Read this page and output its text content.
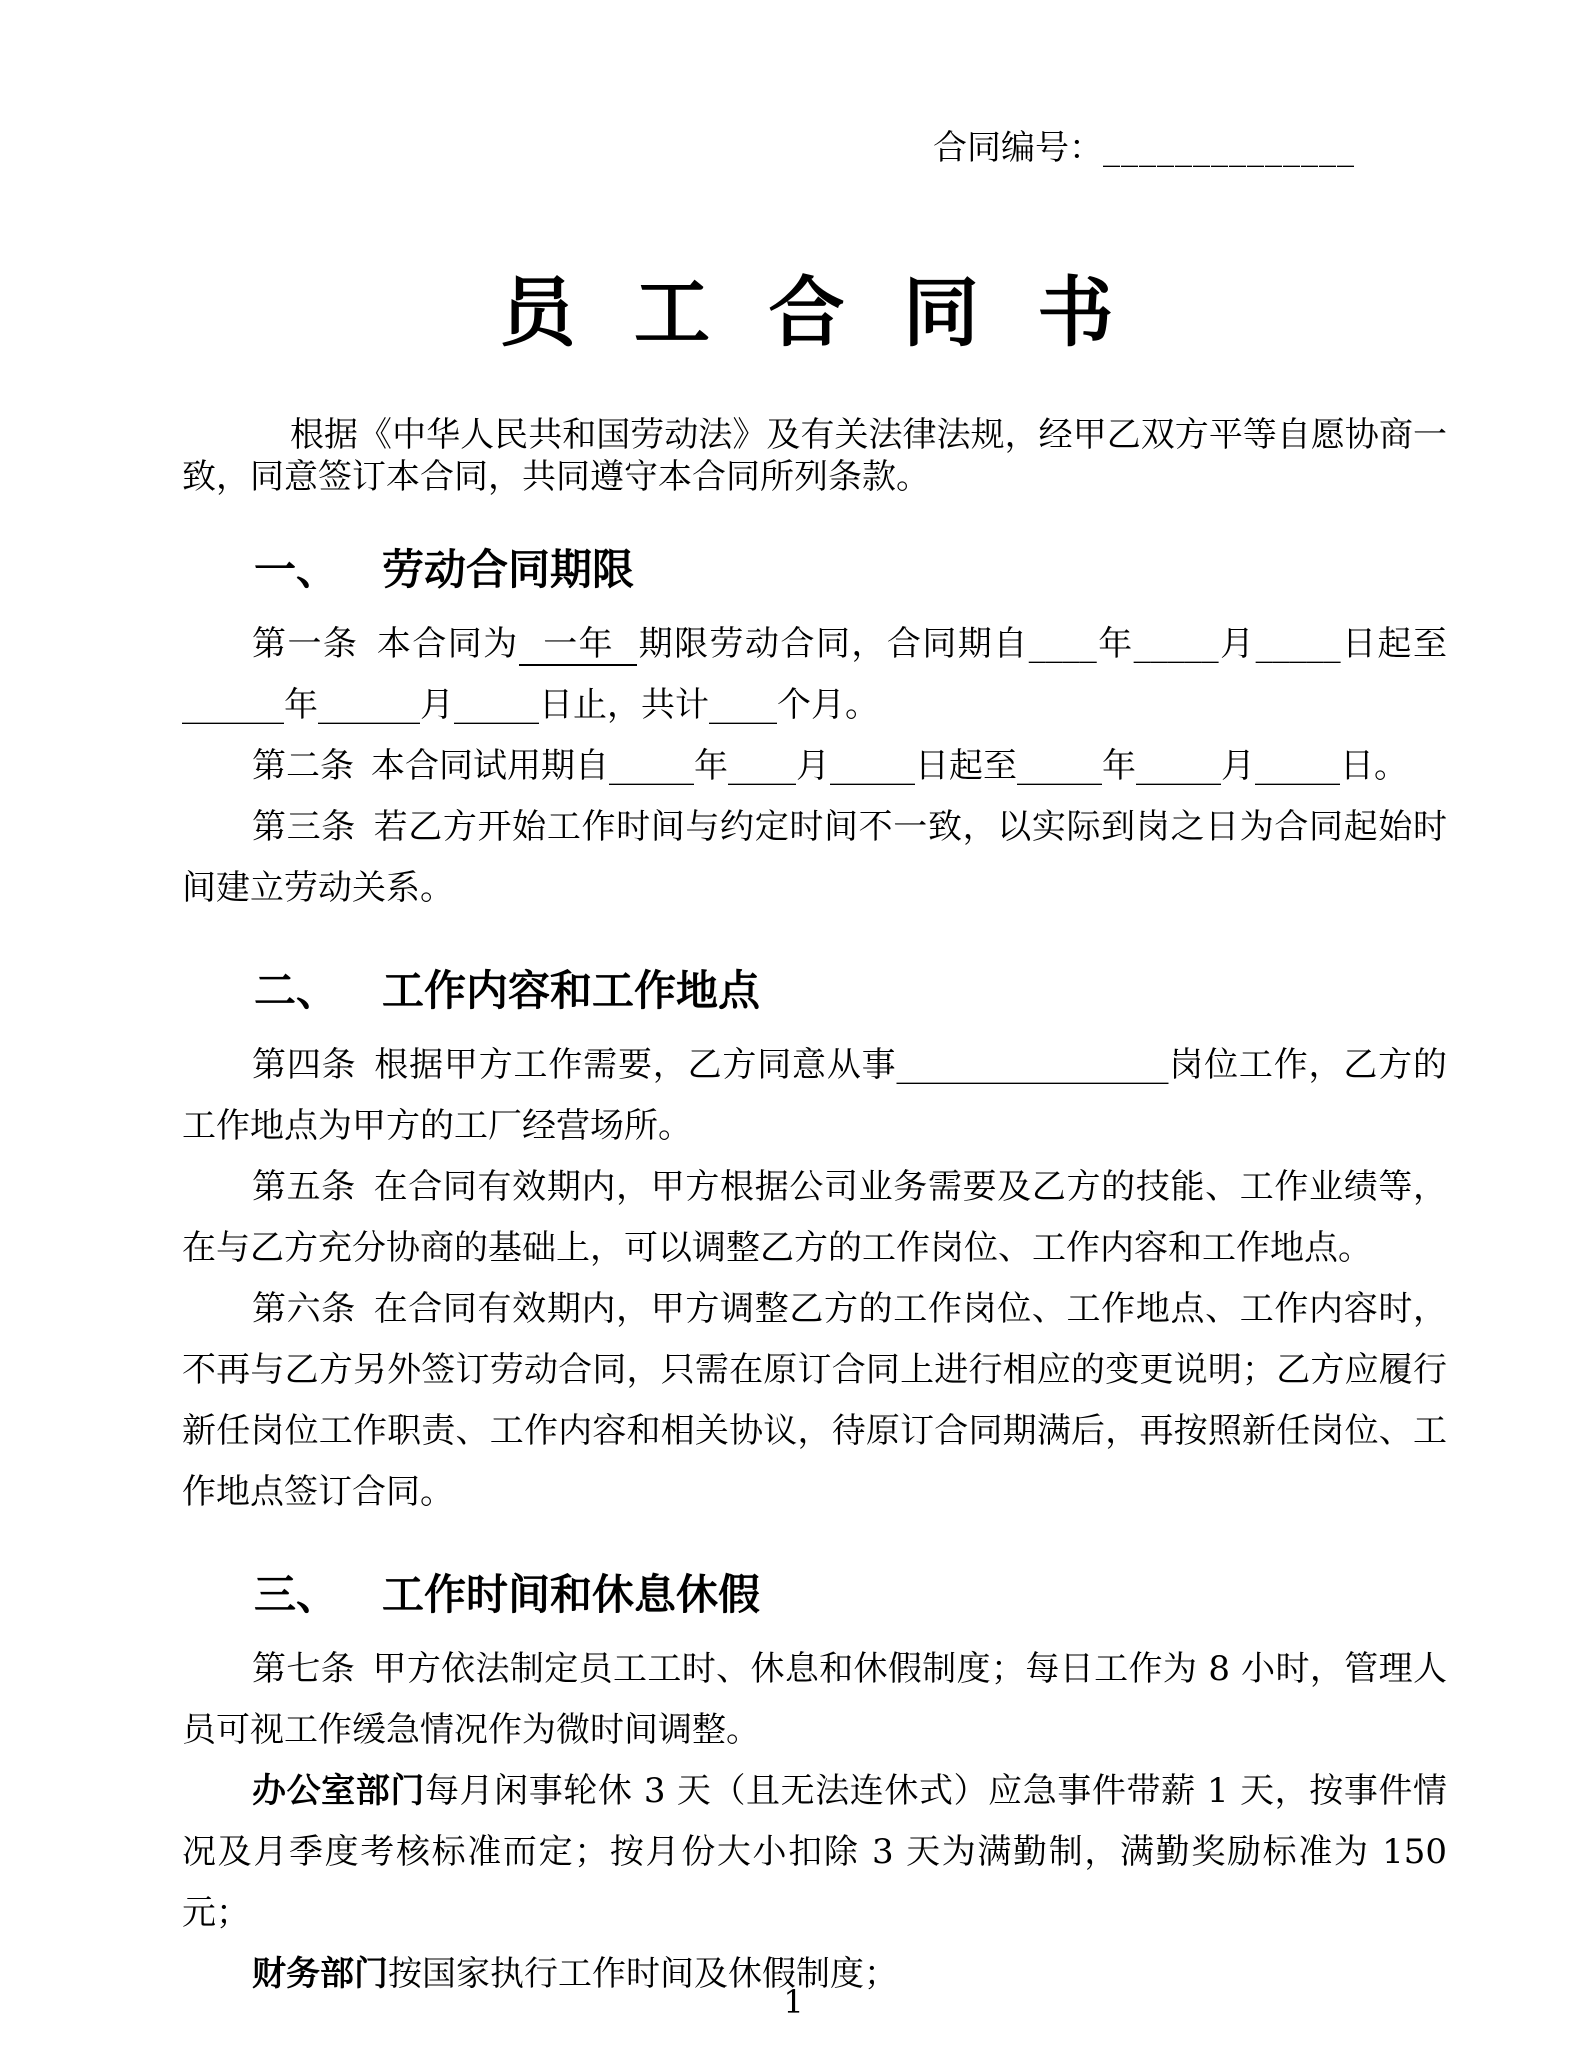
合同编号：______________
员 工 合 同 书

根据《中华人民共和国劳动法》及有关法律法规，经甲乙双方平等自愿协商一致，同意签订本合同，共同遵守本合同所列条款。

一、 劳动合同期限

第一条 本合同为 一年 期限劳动合同，合同期自____年_____月_____日起至______年______月_____日止，共计____个月。

第二条 本合同试用期自_____年____月_____日起至_____年_____月_____日。

第三条 若乙方开始工作时间与约定时间不一致，以实际到岗之日为合同起始时间建立劳动关系。

二、 工作内容和工作地点

第四条 根据甲方工作需要，乙方同意从事________________岗位工作，乙方的工作地点为甲方的工厂经营场所。

第五条 在合同有效期内，甲方根据公司业务需要及乙方的技能、工作业绩等，在与乙方充分协商的基础上，可以调整乙方的工作岗位、工作内容和工作地点。

第六条 在合同有效期内，甲方调整乙方的工作岗位、工作地点、工作内容时，不再与乙方另外签订劳动合同，只需在原订合同上进行相应的变更说明；乙方应履行新任岗位工作职责、工作内容和相关协议，待原订合同期满后，再按照新任岗位、工作地点签订合同。

三、 工作时间和休息休假

第七条 甲方依法制定员工工时、休息和休假制度；每日工作为 8 小时，管理人员可视工作缓急情况作为微时间调整。

办公室部门每月闲事轮休 3 天（且无法连休式）应急事件带薪 1 天，按事件情况及月季度考核标准而定；按月份大小扣除 3 天为满勤制，满勤奖励标准为 150 元；

财务部门按国家执行工作时间及休假制度；

1
